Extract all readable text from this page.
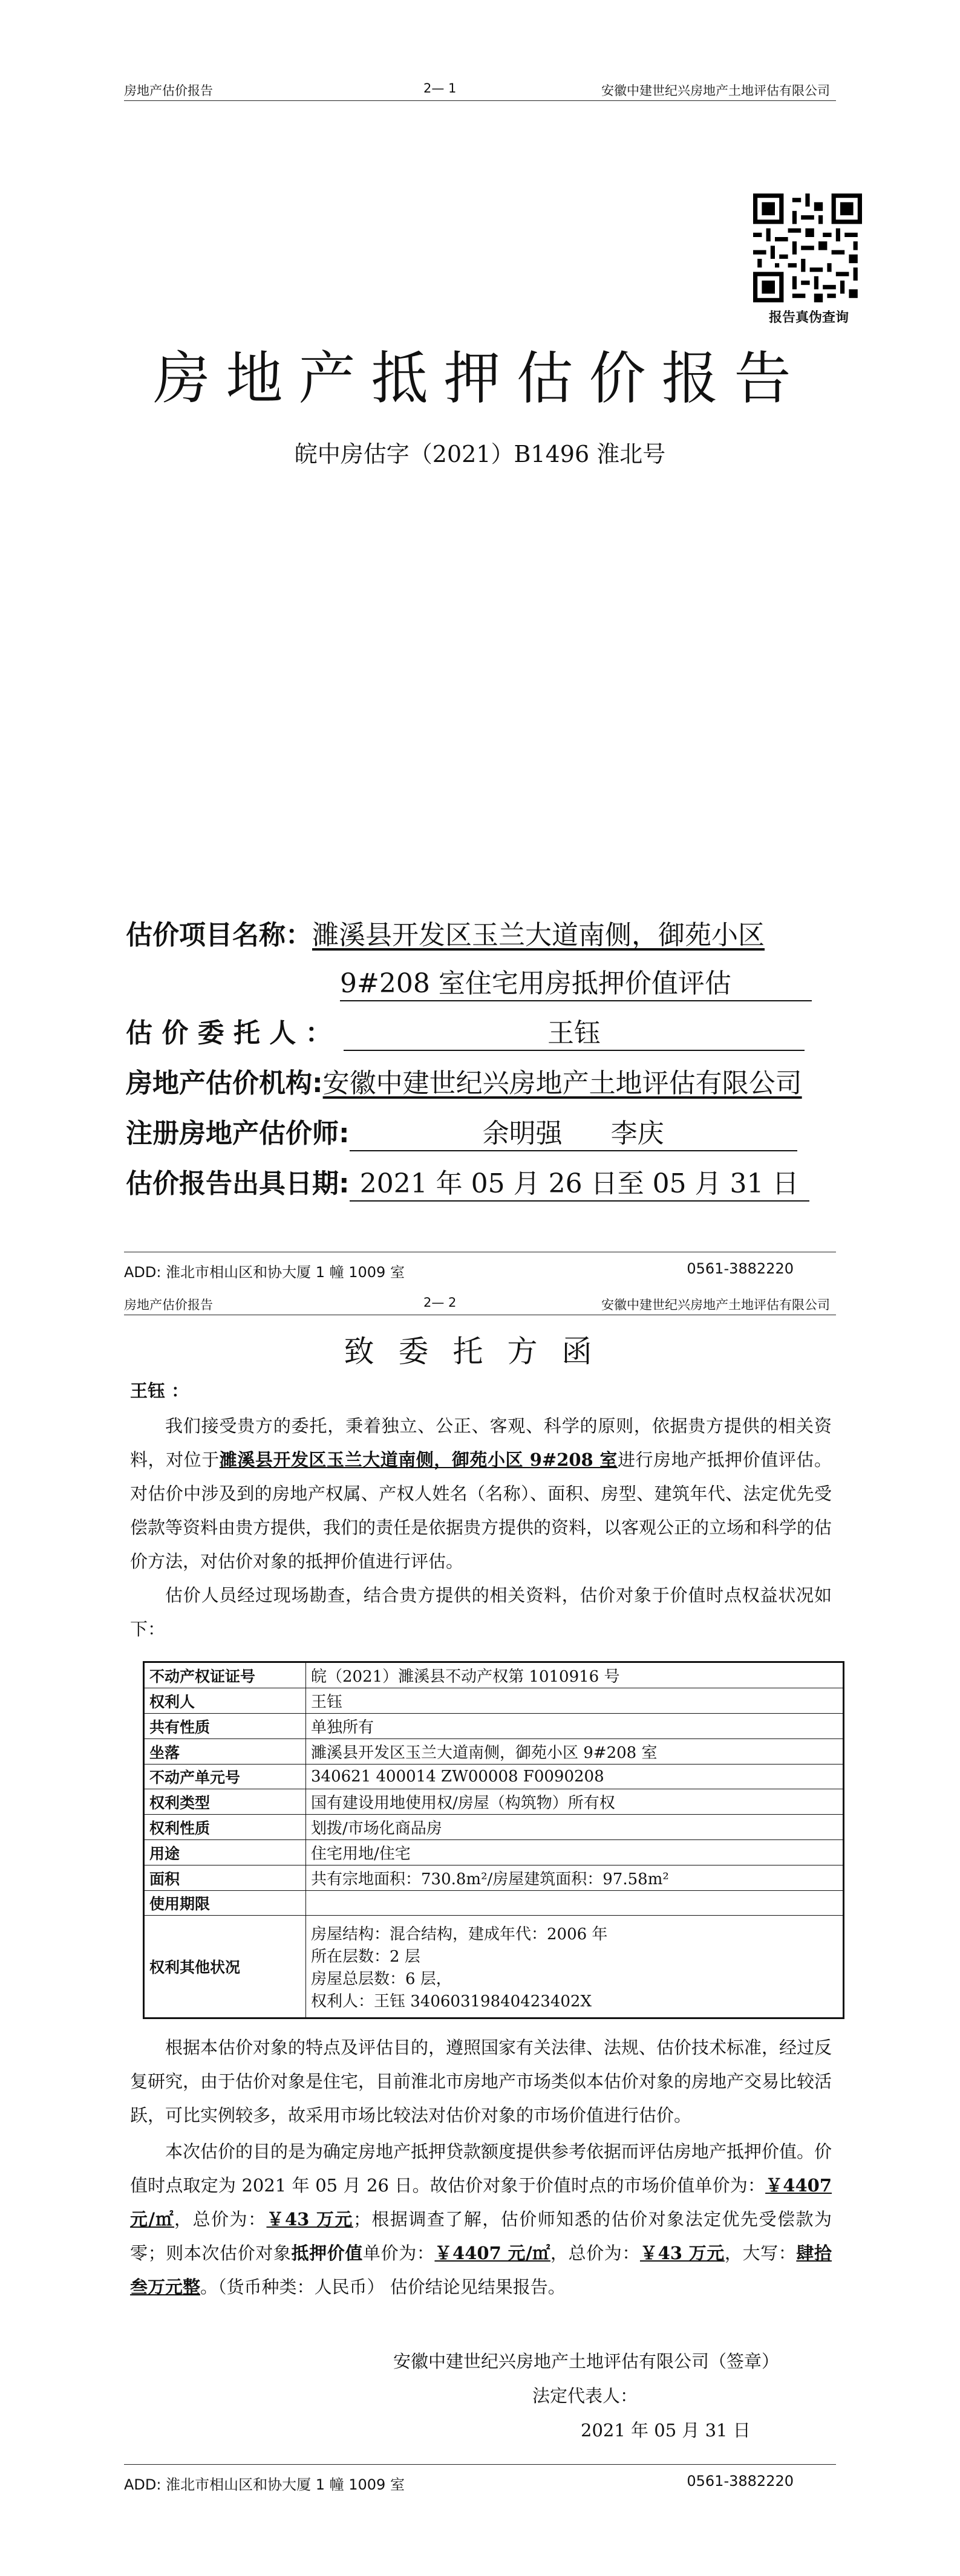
房地产估价报告	2— 1	安徽中建世纪兴房地产土地评估有限公司
报告真伪查询
房地产抵押估价报告
皖中房估字（2021）B1496 淮北号
估价项目名称：濉溪县开发区玉兰大道南侧，御苑小区
9#208 室住宅用房抵押价值评估
估 价 委 托 人 ：	王钰
房地产估价机构:安徽中建世纪兴房地产土地评估有限公司
注册房地产估价师:	余明强 李庆
估价报告出具日期: 2021 年 05 月 26 日至 05 月 31 日
ADD: 淮北市相山区和协大厦 1 幢 1009 室	0561-3882220
房地产估价报告	2— 2	安徽中建世纪兴房地产土地评估有限公司
致委托方函
王钰 ：
我们接受贵方的委托，秉着独立、公正、客观、科学的原则，依据贵方提供的相关资料，对位于濉溪县开发区玉兰大道南侧，御苑小区 9#208 室进行房地产抵押价值评估。对估价中涉及到的房地产权属、产权人姓名（名称）、面积、房型、建筑年代、法定优先受偿款等资料由贵方提供，我们的责任是依据贵方提供的资料，以客观公正的立场和科学的估价方法，对估价对象的抵押价值进行评估。
估价人员经过现场勘查，结合贵方提供的相关资料，估价对象于价值时点权益状况如下：
不动产权证证号	皖（2021）濉溪县不动产权第 1010916 号
权利人	王钰
共有性质	单独所有
坐落	濉溪县开发区玉兰大道南侧，御苑小区 9#208 室
不动产单元号	340621 400014 ZW00008 F0090208
权利类型	国有建设用地使用权/房屋（构筑物）所有权
权利性质	划拨/市场化商品房
用途	住宅用地/住宅
面积	共有宗地面积：730.8m²/房屋建筑面积：97.58m²
使用期限	
权利其他状况	房屋结构：混合结构，建成年代：2006 年
所在层数：2 层
房屋总层数：6 层，
权利人：王钰 34060319840423402X
根据本估价对象的特点及评估目的，遵照国家有关法律、法规、估价技术标准，经过反复研究，由于估价对象是住宅，目前淮北市房地产市场类似本估价对象的房地产交易比较活跃，可比实例较多，故采用市场比较法对估价对象的市场价值进行估价。
本次估价的目的是为确定房地产抵押贷款额度提供参考依据而评估房地产抵押价值。价值时点取定为 2021 年 05 月 26 日。故估价对象于价值时点的市场价值单价为：￥4407 元/㎡，总价为：￥43 万元；根据调查了解，估价师知悉的估价对象法定优先受偿款为零；则本次估价对象抵押价值单价为：￥4407 元/㎡，总价为：￥43 万元，大写：肆拾叁万元整。（货币种类：人民币） 估价结论见结果报告。
安徽中建世纪兴房地产土地评估有限公司（签章）
法定代表人：
2021 年 05 月 31 日
ADD: 淮北市相山区和协大厦 1 幢 1009 室	0561-3882220
